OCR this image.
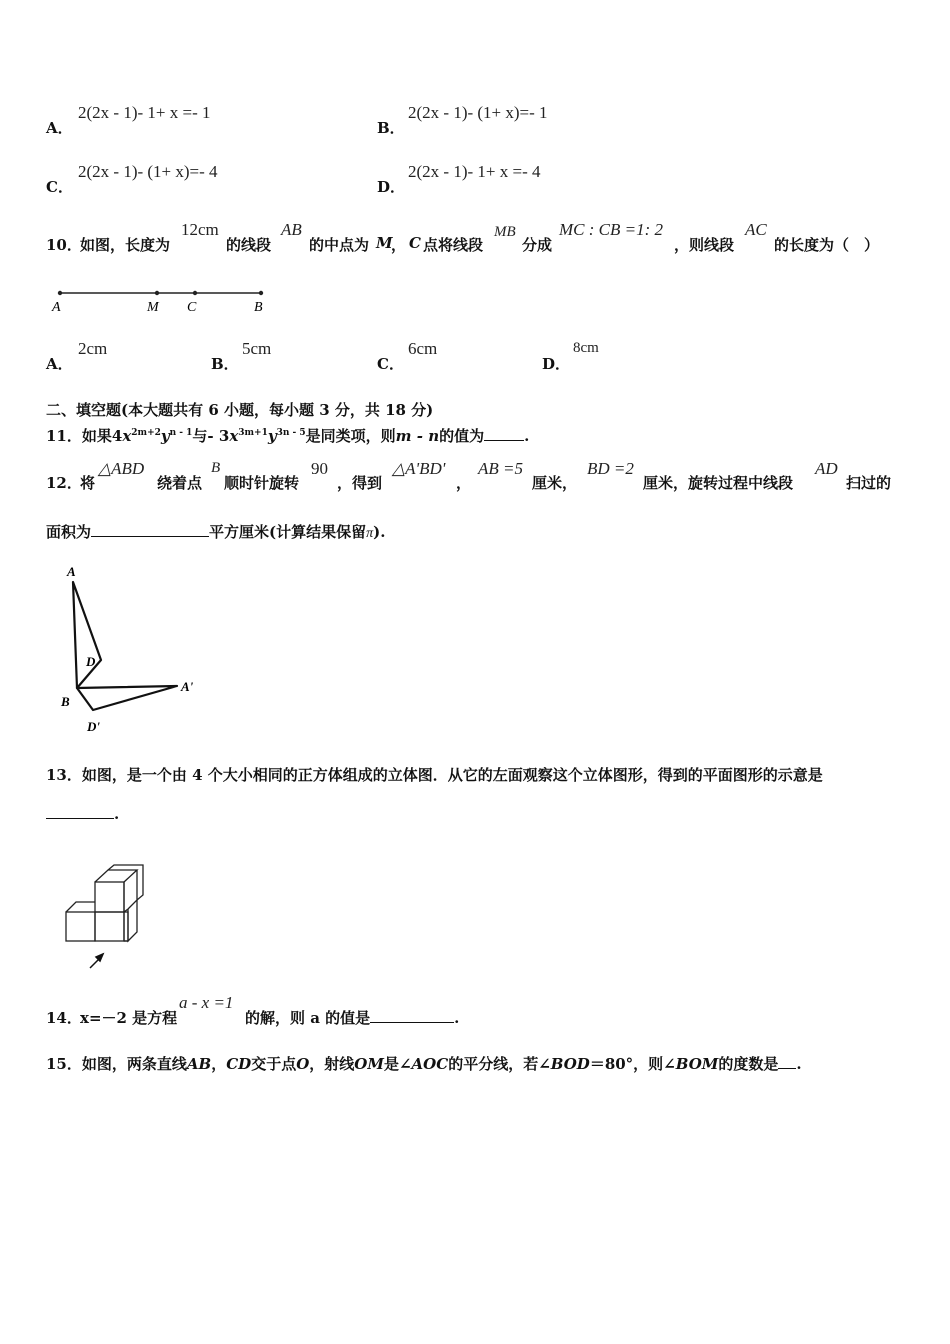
A．
2(2x - 1)- 1+ x =- 1
B．
2(2x - 1)- (1+ x)=- 1
C．
2(2x - 1)- (1+ x)=- 4
D．
2(2x - 1)- 1+ x =- 4
10．
如图，长度为
12cm
的线段
AB
的中点为 M
， C 点将线段
MB
分成
MC : CB =1: 2
，则线段
AC
的长度为（　）
A	M C	B
A．
2cm
B．
5cm
C．
6cm
D．
8cm
二、填空题(本大题共有 6 小题，每小题 3 分，共 18 分)
11．如果$4x^{2m+2}y^{n - 1}$与- $3x^{3m+1}y^{3n - 5}$是同类项，则m - n的值为	.
12．
将
△ABD
绕着点
B
顺时针旋转
90
，得到
△A'BD'
，
AB =5
厘米，
BD =2
厘米，旋转过程中线段
AD
扫过的
面积为	平方厘米(计算结果保留π).
A
D
B
A'
D'
13．如图，是一个由 4 个大小相同的正方体组成的立体图．从它的左面观察这个立体图形，得到的平面图形的示意是
.
14．
x=－2 是方程
a - x =1
的解，则 a 的值是	.
15．如图，两条直线AB，CD交于点O，射线OM是∠AOC的平分线，若∠BOD＝80°，则∠BOM的度数是 .
